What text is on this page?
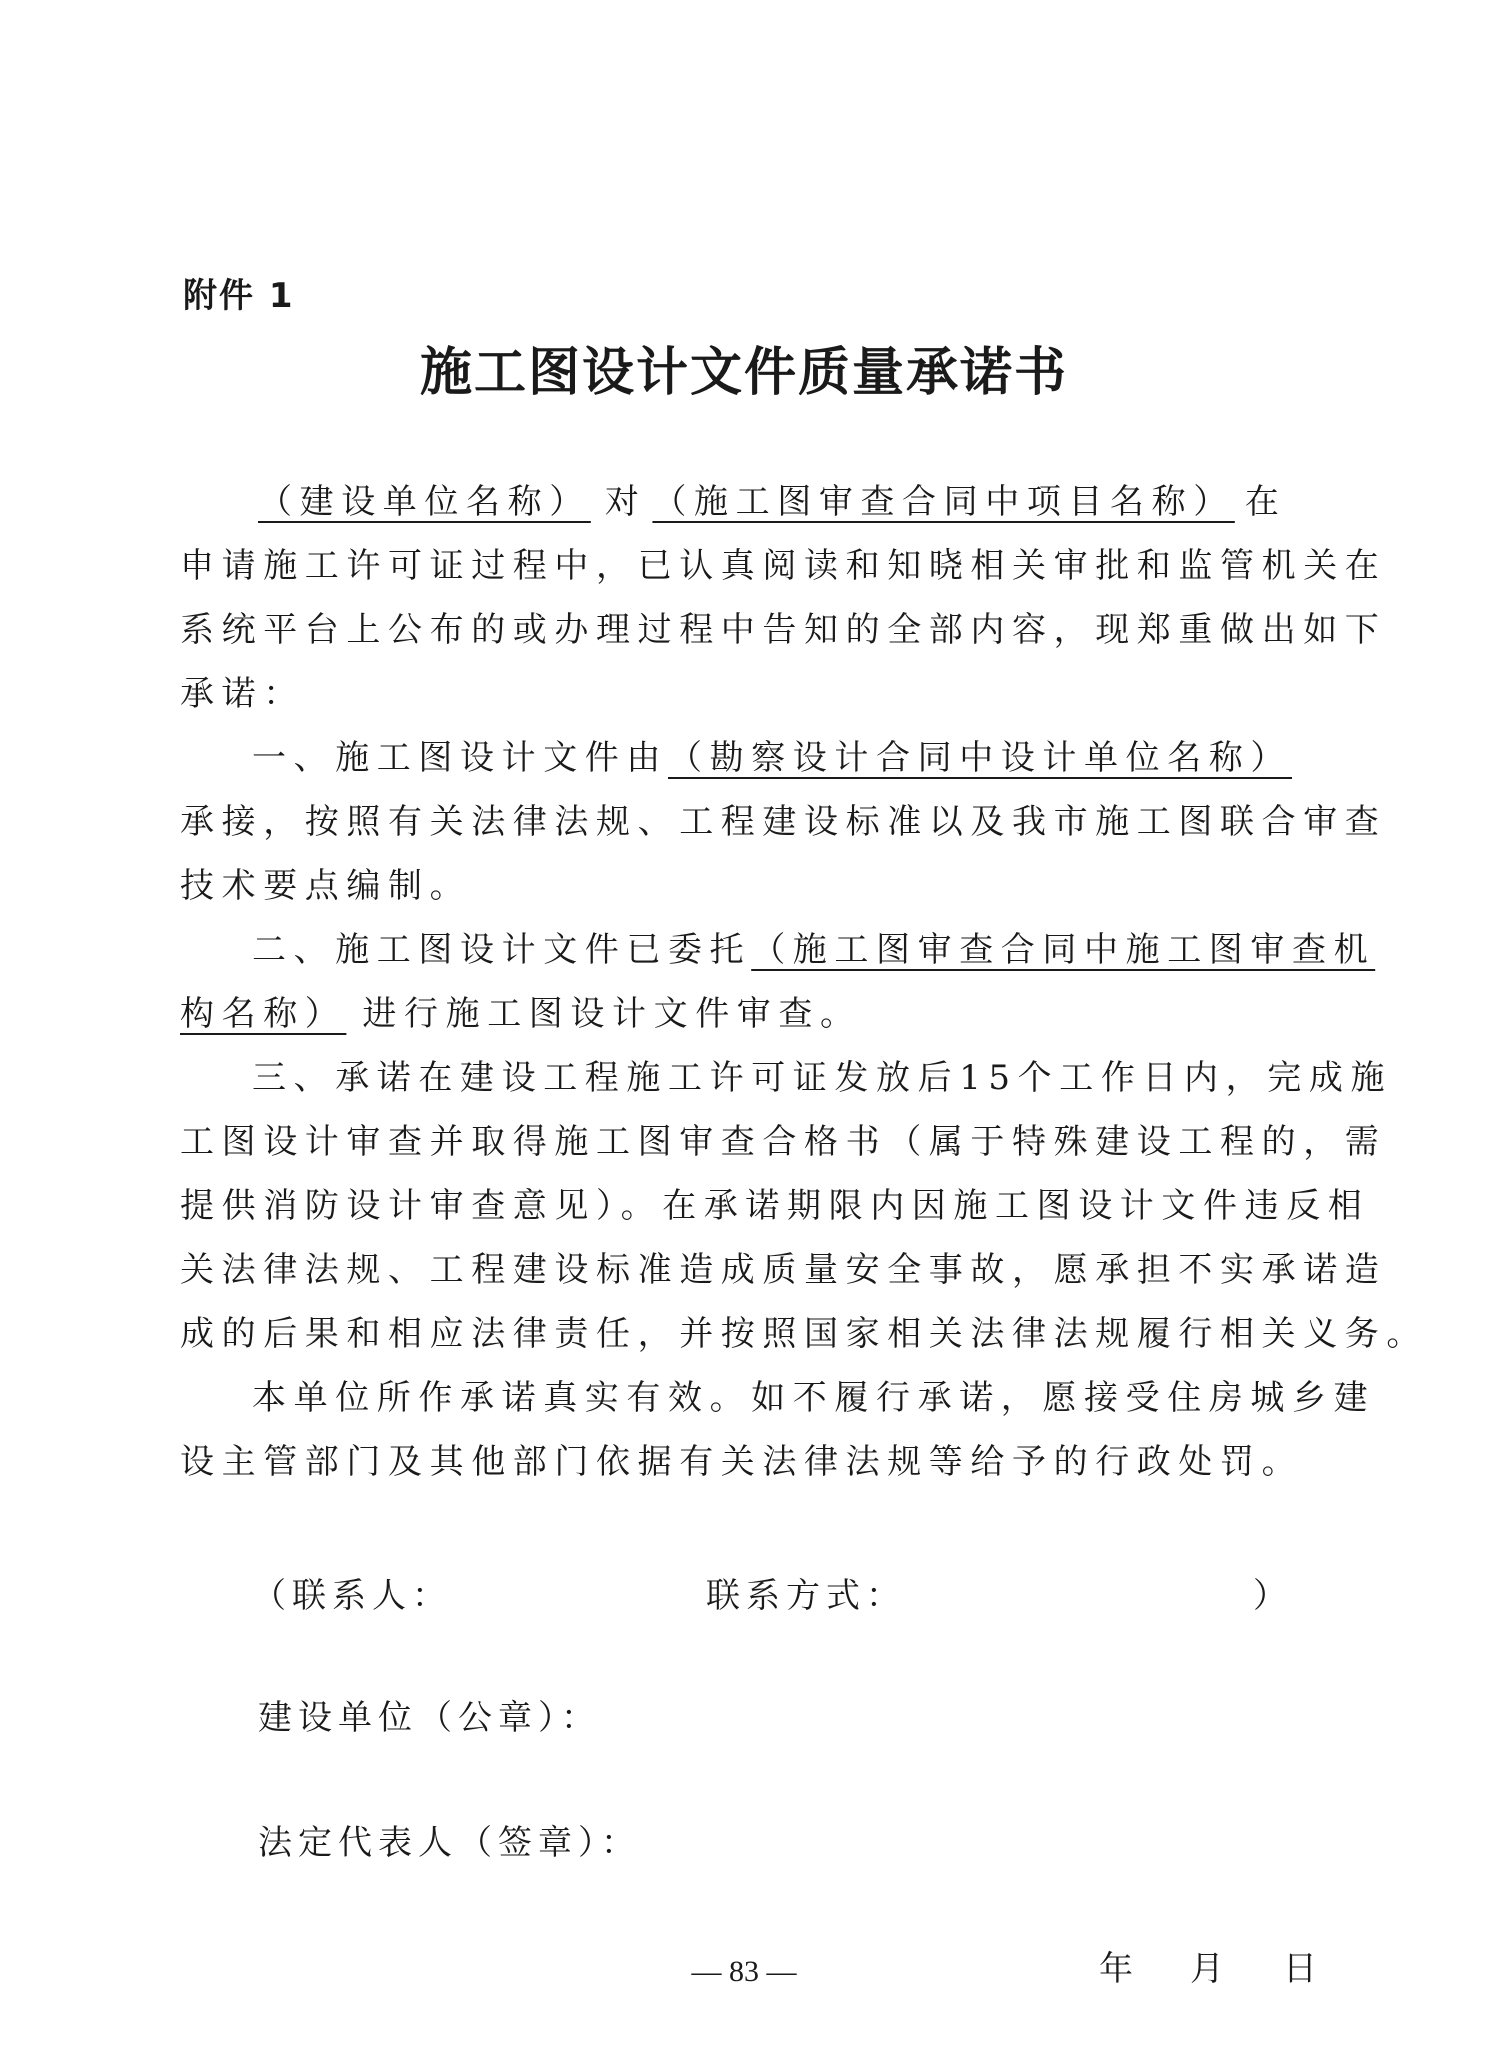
附件 1
施工图设计文件质量承诺书
（建设单位名称） 对 （施工图审查合同中项目名称） 在
申请施工许可证过程中，已认真阅读和知晓相关审批和监管机关在
系统平台上公布的或办理过程中告知的全部内容，现郑重做出如下
承诺：
一、施工图设计文件由（勘察设计合同中设计单位名称）
承接，按照有关法律法规、工程建设标准以及我市施工图联合审查
技术要点编制。
二、施工图设计文件已委托（施工图审查合同中施工图审查机
构名称） 进行施工图设计文件审查。
三、承诺在建设工程施工许可证发放后15个工作日内，完成施
工图设计审查并取得施工图审查合格书（属于特殊建设工程的，需
提供消防设计审查意见）。在承诺期限内因施工图设计文件违反相
关法律法规、工程建设标准造成质量安全事故，愿承担不实承诺造
成的后果和相应法律责任，并按照国家相关法律法规履行相关义务。
本单位所作承诺真实有效。如不履行承诺，愿接受住房城乡建
设主管部门及其他部门依据有关法律法规等给予的行政处罚。
（联系人：	联系方式：	）
建设单位（公章）：
法定代表人（签章）：
年 月 日
— 83 —
